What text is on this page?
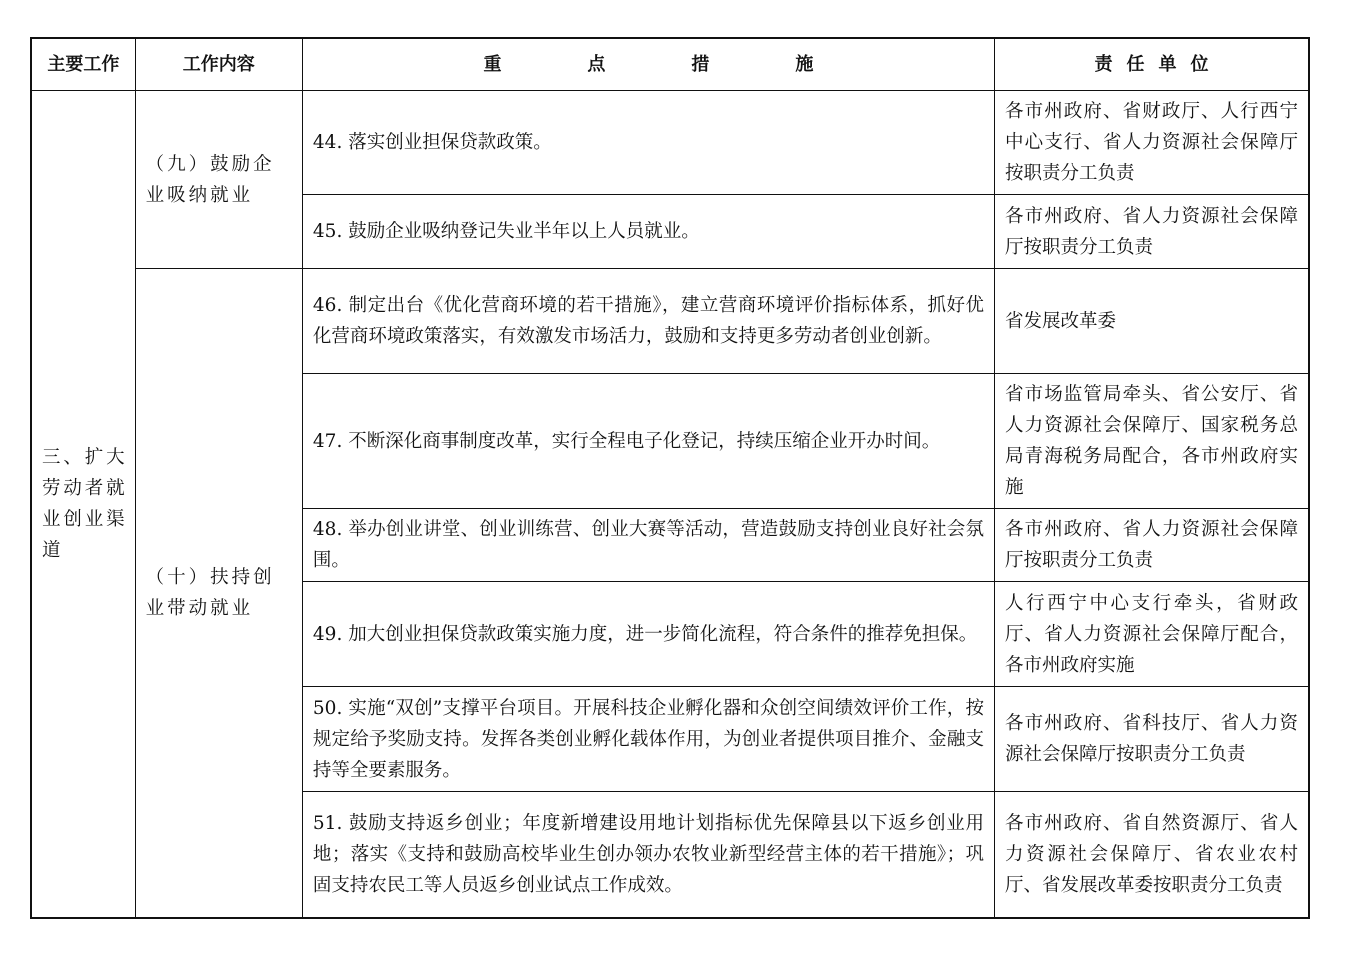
主要工作	工作内容	重点措施	责任单位
三、扩大劳动者就业创业渠道	（九）鼓励企业吸纳就业	44. 落实创业担保贷款政策。	各市州政府、省财政厅、人行西宁中心支行、省人力资源社会保障厅按职责分工负责
		45. 鼓励企业吸纳登记失业半年以上人员就业。	各市州政府、省人力资源社会保障厅按职责分工负责
	（十）扶持创业带动就业	46. 制定出台《优化营商环境的若干措施》，建立营商环境评价指标体系，抓好优化营商环境政策落实，有效激发市场活力，鼓励和支持更多劳动者创业创新。	省发展改革委
		47. 不断深化商事制度改革，实行全程电子化登记，持续压缩企业开办时间。	省市场监管局牵头、省公安厅、省人力资源社会保障厅、国家税务总局青海税务局配合，各市州政府实施
		48. 举办创业讲堂、创业训练营、创业大赛等活动，营造鼓励支持创业良好社会氛围。	各市州政府、省人力资源社会保障厅按职责分工负责
		49. 加大创业担保贷款政策实施力度，进一步简化流程，符合条件的推荐免担保。	人行西宁中心支行牵头，省财政厅、省人力资源社会保障厅配合，各市州政府实施
		50. 实施“双创”支撑平台项目。开展科技企业孵化器和众创空间绩效评价工作，按规定给予奖励支持。发挥各类创业孵化载体作用，为创业者提供项目推介、金融支持等全要素服务。	各市州政府、省科技厅、省人力资源社会保障厅按职责分工负责
		51. 鼓励支持返乡创业；年度新增建设用地计划指标优先保障县以下返乡创业用地；落实《支持和鼓励高校毕业生创办领办农牧业新型经营主体的若干措施》；巩固支持农民工等人员返乡创业试点工作成效。	各市州政府、省自然资源厅、省人力资源社会保障厅、省农业农村厅、省发展改革委按职责分工负责
